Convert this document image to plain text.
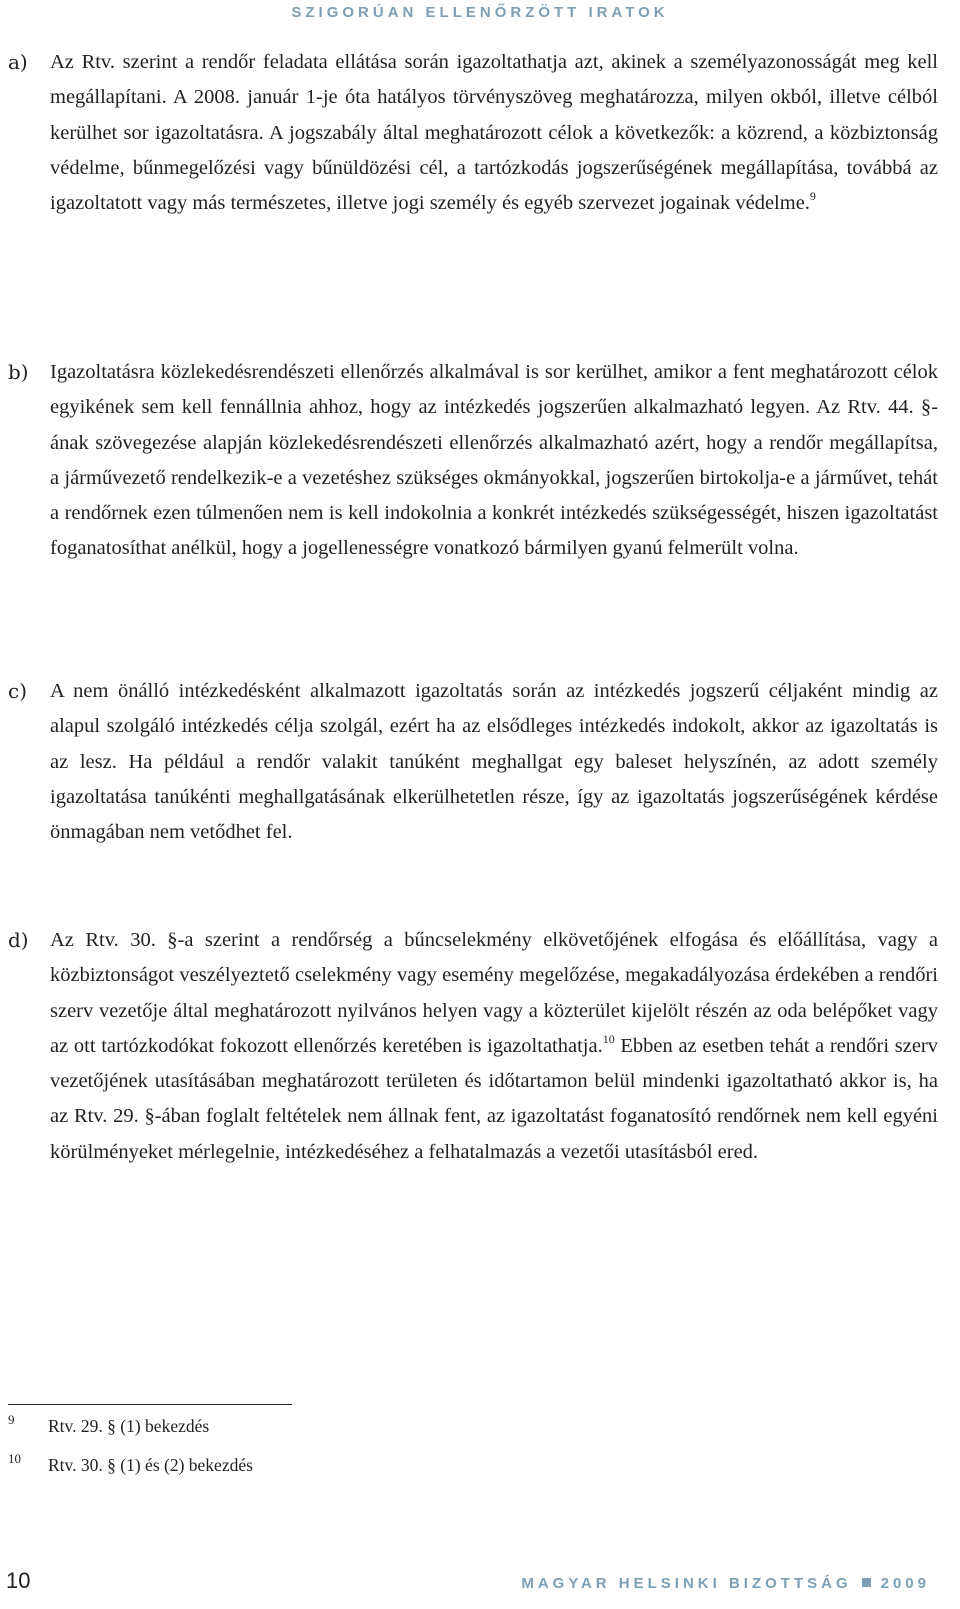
SZIGORÚAN ELLENŐRZÖTT IRATOK
a) Az Rtv. szerint a rendőr feladata ellátása során igazoltathatja azt, akinek a személyazonosságát meg kell megállapítani. A 2008. január 1-je óta hatályos törvényszöveg meghatározza, milyen okból, illetve célból kerülhet sor igazoltatásra. A jogszabály által meghatározott célok a következők: a közrend, a közbiztonság védelme, bűnmegelőzési vagy bűnüldözési cél, a tartózkodás jogszerűségének megállapítása, továbbá az igazoltatott vagy más természetes, illetve jogi személy és egyéb szervezet jogainak védelme.$^9$
b) Igazoltatásra közlekedésrendészeti ellenőrzés alkalmával is sor kerülhet, amikor a fent meghatározott célok egyikének sem kell fennállnia ahhoz, hogy az intézkedés jogszerűen alkalmazható legyen. Az Rtv. 44. §-ának szövegezése alapján közlekedésrendészeti ellenőrzés alkalmazható azért, hogy a rendőr megállapítsa, a járművezető rendelkezik-e a vezetéshez szükséges okmányokkal, jogszerűen birtokolja-e a járművet, tehát a rendőrnek ezen túlmenően nem is kell indokolnia a konkrét intézkedés szükségességét, hiszen igazoltatást foganatosíthat anélkül, hogy a jogellenességre vonatkozó bármilyen gyanú felmerült volna.
c) A nem önálló intézkedésként alkalmazott igazoltatás során az intézkedés jogszerű céljaként mindig az alapul szolgáló intézkedés célja szolgál, ezért ha az elsődleges intézkedés indokolt, akkor az igazoltatás is az lesz. Ha például a rendőr valakit tanúként meghallgat egy baleset helyszínén, az adott személy igazoltatása tanúkénti meghallgatásának elkerülhetetlen része, így az igazoltatás jogszerűségének kérdése önmagában nem vetődhet fel.
d) Az Rtv. 30. §-a szerint a rendőrség a bűncselekmény elkövetőjének elfogása és előállítása, vagy a közbiztonságot veszélyeztető cselekmény vagy esemény megelőzése, megakadályozása érdekében a rendőri szerv vezetője által meghatározott nyilvános helyen vagy a közterület kijelölt részén az oda belépőket vagy az ott tartózkodókat fokozott ellenőrzés keretében is igazoltathatja.$^{10}$ Ebben az esetben tehát a rendőri szerv vezetőjének utasításában meghatározott területen és időtartamon belül mindenki igazoltatható akkor is, ha az Rtv. 29. §-ában foglalt feltételek nem állnak fent, az igazoltatást foganatosító rendőrnek nem kell egyéni körülményeket mérlegelnie, intézkedéséhez a felhatalmazás a vezetői utasításból ered.
9 Rtv. 29. § (1) bekezdés
10 Rtv. 30. § (1) és (2) bekezdés
10	MAGYAR HELSINKI BIZOTTSÁG 2009
